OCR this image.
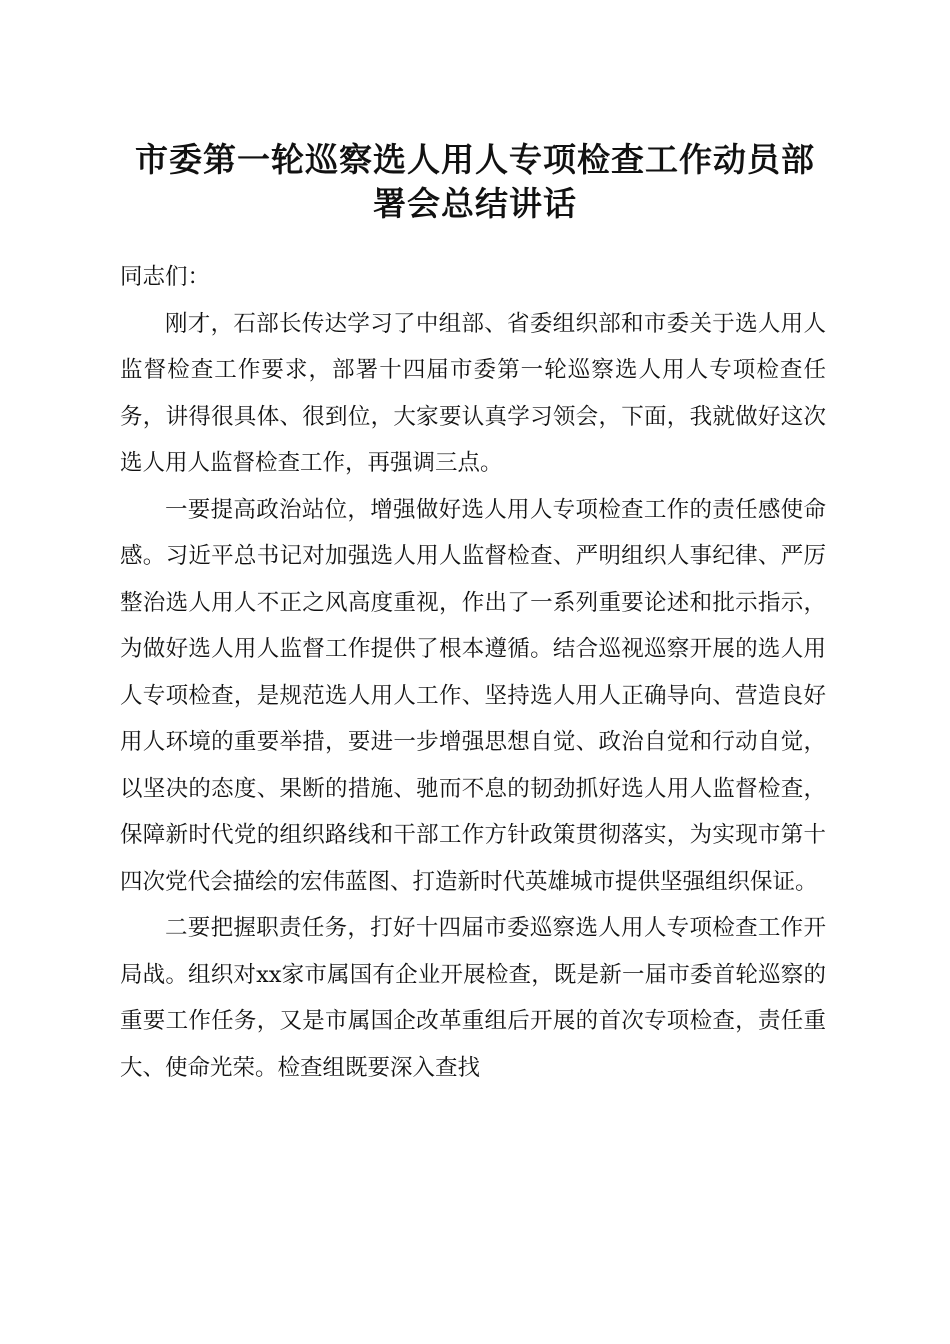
市委第一轮巡察选人用人专项检查工作动员部
署会总结讲话

同志们：

刚才，石部长传达学习了中组部、省委组织部和市委关于选人用人监督检查工作要求，部署十四届市委第一轮巡察选人用人专项检查任务，讲得很具体、很到位，大家要认真学习领会，下面，我就做好这次选人用人监督检查工作，再强调三点。

一要提高政治站位，增强做好选人用人专项检查工作的责任感使命感。习近平总书记对加强选人用人监督检查、严明组织人事纪律、严厉整治选人用人不正之风高度重视，作出了一系列重要论述和批示指示，为做好选人用人监督工作提供了根本遵循。结合巡视巡察开展的选人用人专项检查，是规范选人用人工作、坚持选人用人正确导向、营造良好用人环境的重要举措，要进一步增强思想自觉、政治自觉和行动自觉，以坚决的态度、果断的措施、驰而不息的韧劲抓好选人用人监督检查，保障新时代党的组织路线和干部工作方针政策贯彻落实，为实现市第十四次党代会描绘的宏伟蓝图、打造新时代英雄城市提供坚强组织保证。

二要把握职责任务，打好十四届市委巡察选人用人专项检查工作开局战。组织对xx家市属国有企业开展检查，既是新一届市委首轮巡察的重要工作任务，又是市属国企改革重组后开展的首次专项检查，责任重大、使命光荣。检查组既要深入查找
